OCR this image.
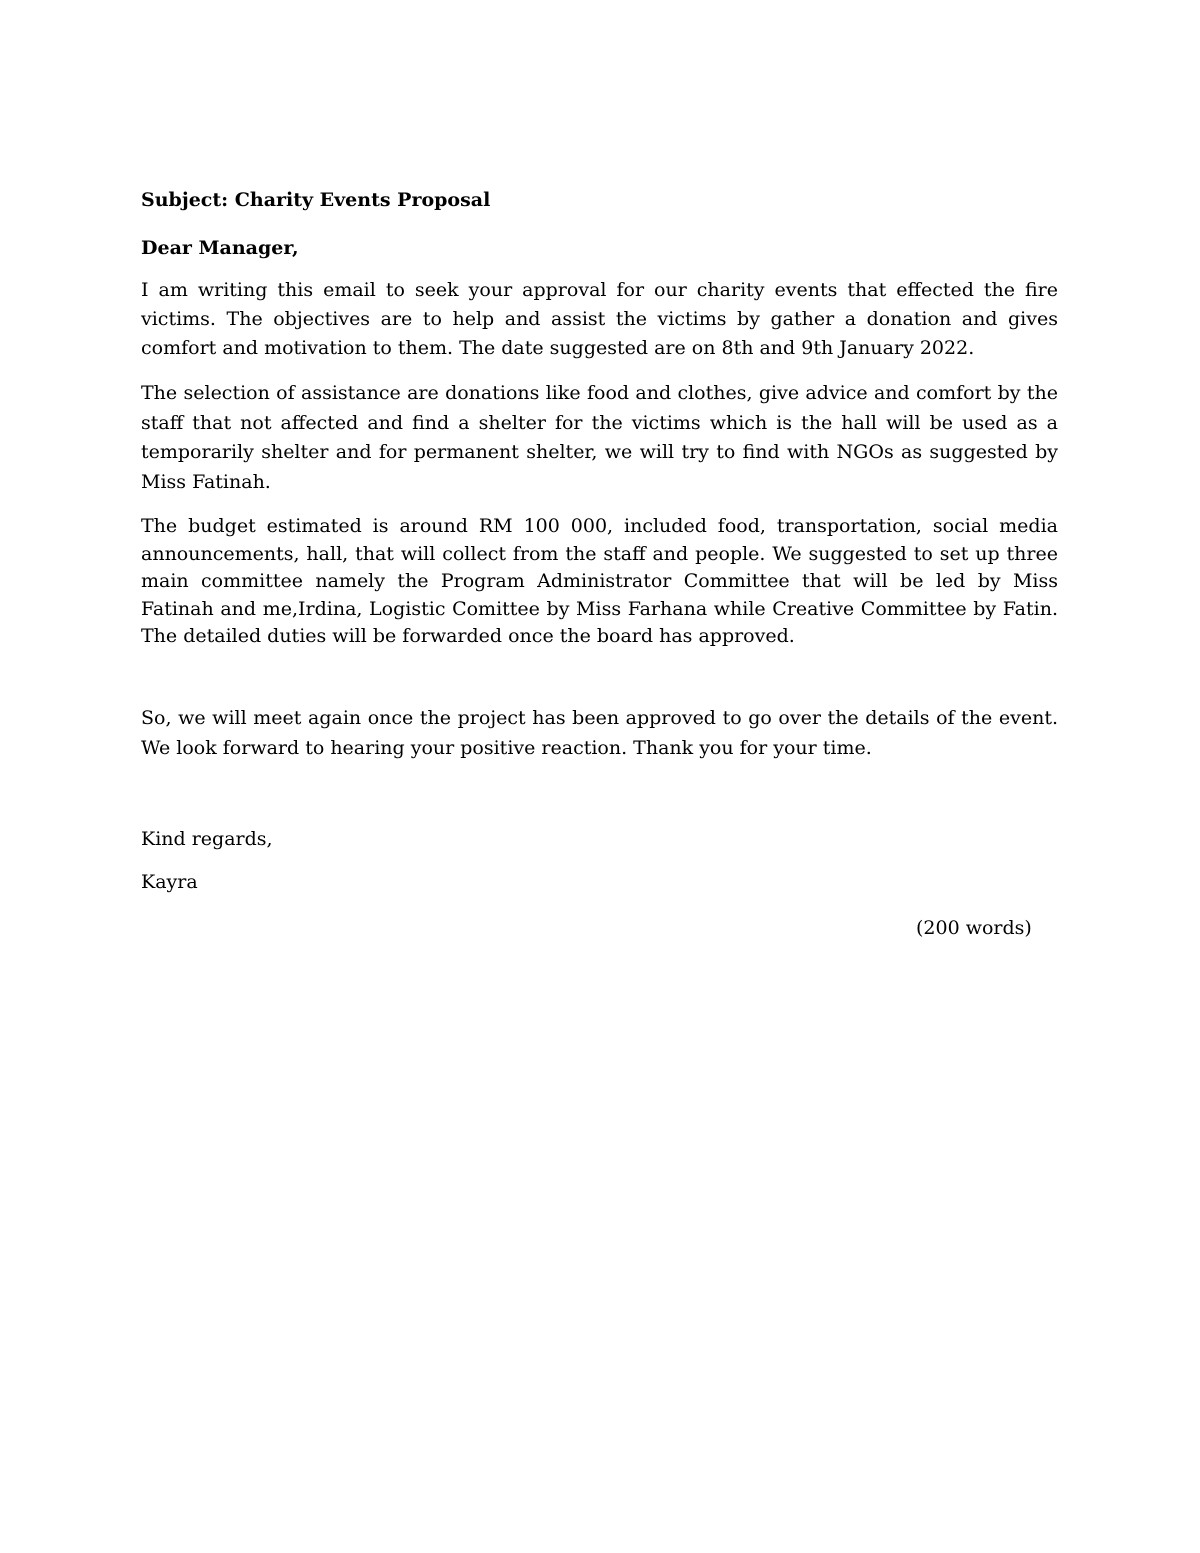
Subject: Charity Events Proposal
Dear Manager,
I am writing this email to seek your approval for our charity events that effected the fire victims. The objectives are to help and assist the victims by gather a donation and gives comfort and motivation to them. The date suggested are on 8th and 9th January 2022.
The selection of assistance are donations like food and clothes, give advice and comfort by the staff that not affected and find a shelter for the victims which is the hall will be used as a temporarily shelter and for permanent shelter, we will try to find with NGOs as suggested by Miss Fatinah.
The budget estimated is around RM 100 000, included food, transportation, social media announcements, hall, that will collect from the staff and people. We suggested to set up three main committee namely the Program Administrator Committee that will be led by Miss Fatinah and me,Irdina, Logistic Comittee by Miss Farhana while Creative Committee by Fatin. The detailed duties will be forwarded once the board has approved.
So, we will meet again once the project has been approved to go over the details of the event. We look forward to hearing your positive reaction. Thank you for your time.
Kind regards,
Kayra
(200 words)
